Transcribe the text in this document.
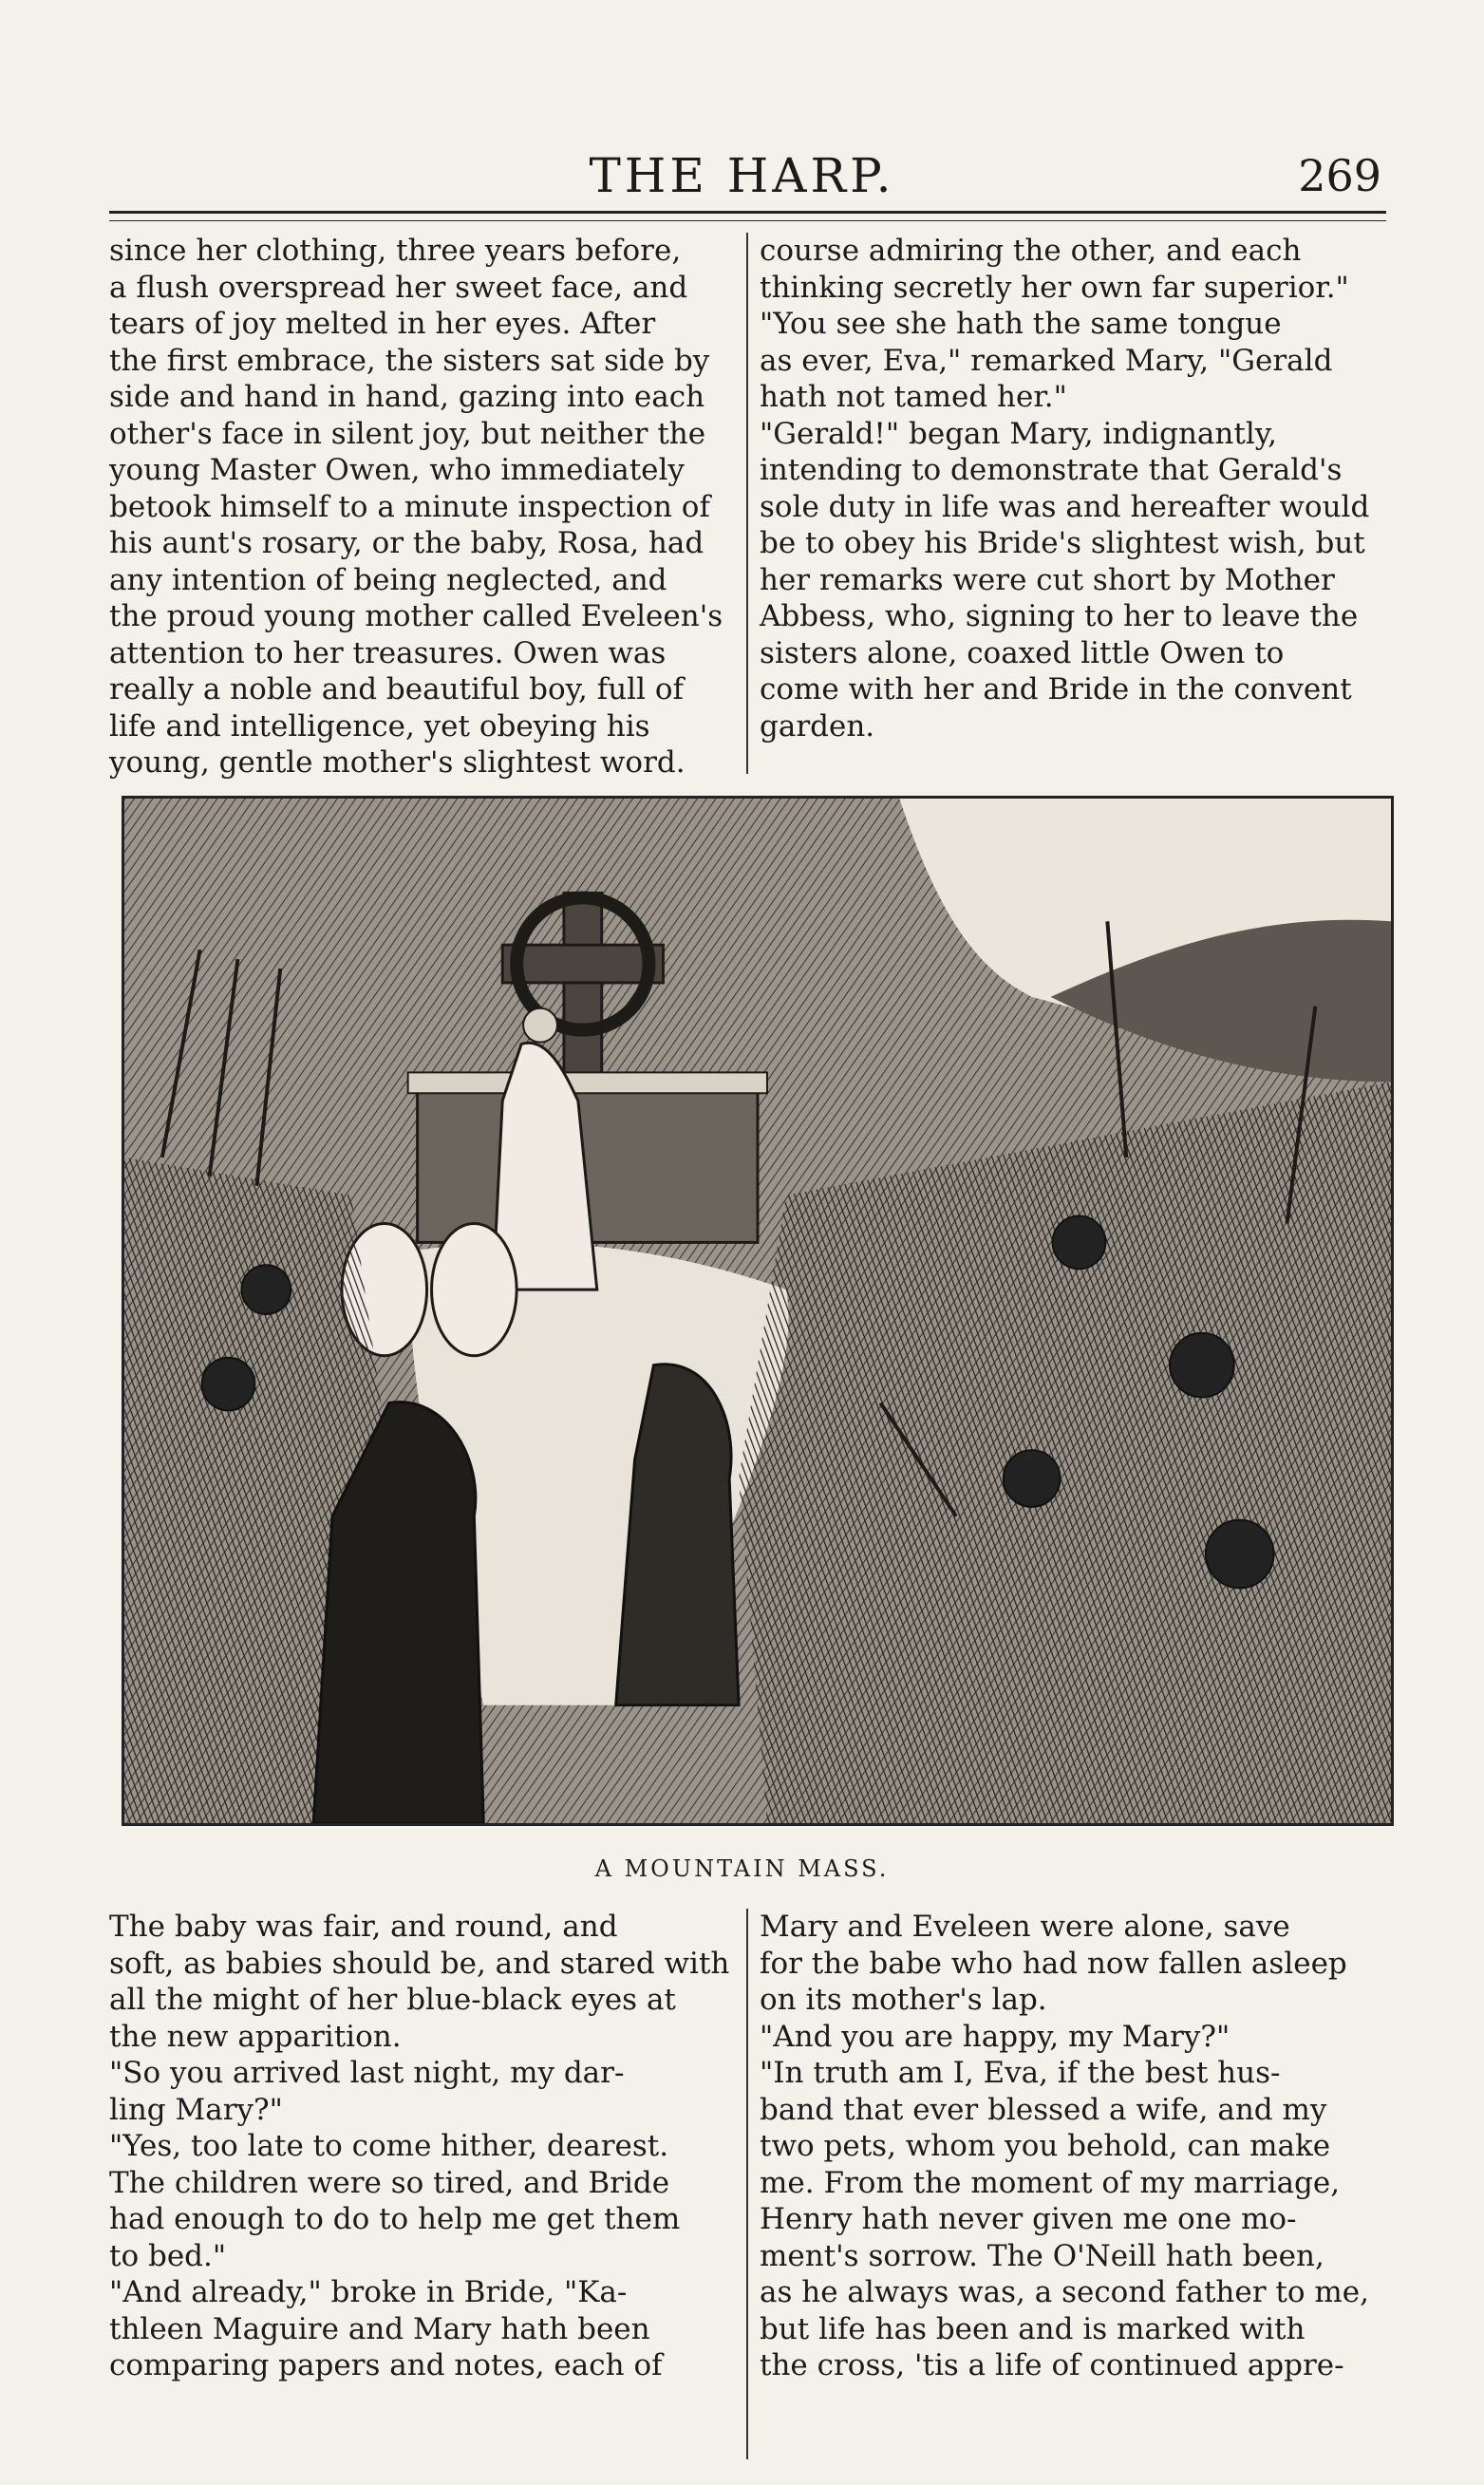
THE HARP.	269

since her clothing, three years before,
a flush overspread her sweet face, and
tears of joy melted in her eyes. After
the first embrace, the sisters sat side by
side and hand in hand, gazing into each
other's face in silent joy, but neither the
young Master Owen, who immediately
betook himself to a minute inspection of
his aunt's rosary, or the baby, Rosa, had
any intention of being neglected, and
the proud young mother called Eveleen's
attention to her treasures. Owen was
really a noble and beautiful boy, full of
life and intelligence, yet obeying his
young, gentle mother's slightest word.

course admiring the other, and each
thinking secretly her own far superior."
"You see she hath the same tongue
as ever, Eva," remarked Mary, "Gerald
hath not tamed her."
"Gerald!" began Mary, indignantly,
intending to demonstrate that Gerald's
sole duty in life was and hereafter would
be to obey his Bride's slightest wish, but
her remarks were cut short by Mother
Abbess, who, signing to her to leave the
sisters alone, coaxed little Owen to
come with her and Bride in the convent
garden.

A MOUNTAIN MASS.

The baby was fair, and round, and
soft, as babies should be, and stared with
all the might of her blue-black eyes at
the new apparition.
"So you arrived last night, my dar-
ling Mary?"
"Yes, too late to come hither, dearest.
The children were so tired, and Bride
had enough to do to help me get them
to bed."
"And already," broke in Bride, "Ka-
thleen Maguire and Mary hath been
comparing papers and notes, each of

Mary and Eveleen were alone, save
for the babe who had now fallen asleep
on its mother's lap.
"And you are happy, my Mary?"
"In truth am I, Eva, if the best hus-
band that ever blessed a wife, and my
two pets, whom you behold, can make
me. From the moment of my marriage,
Henry hath never given me one mo-
ment's sorrow. The O'Neill hath been,
as he always was, a second father to me,
but life has been and is marked with
the cross, 'tis a life of continued appre-
